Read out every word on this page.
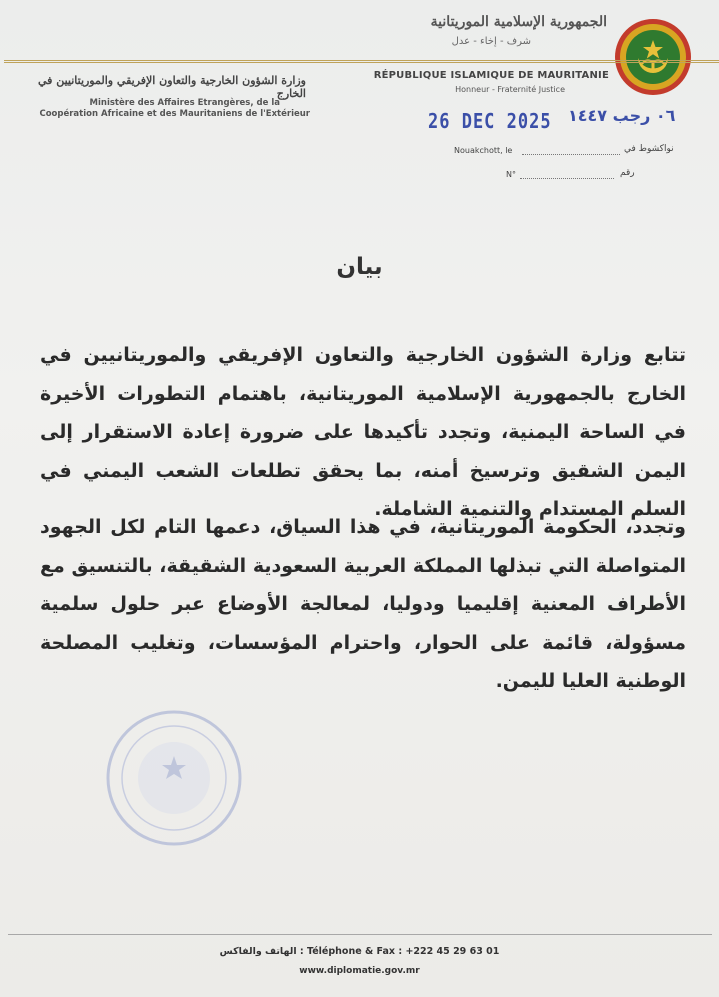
الجمهورية الإسلامية الموريتانية
شرف - إخاء - عدل
RÉPUBLIQUE ISLAMIQUE DE MAURITANIE
Honneur - Fraternité Justice
وزارة الشؤون الخارجية والتعاون الإفريقي والموريتانيين في الخارج
Ministère des Affaires Etrangères, de la
Coopération Africaine et des Mauritaniens de l'Extérieur	26 DEC 2025 ٠٦ رجب ١٤٤٧
Nouakchott, le	نواكشوط في
N°	رقم
بيان
تتابع وزارة الشؤون الخارجية والتعاون الإفريقي والموريتانيين في الخارج بالجمهورية الإسلامية الموريتانية، باهتمام التطورات الأخيرة في الساحة اليمنية، وتجدد تأكيدها على ضرورة إعادة الاستقرار إلى اليمن الشقيق وترسيخ أمنه، بما يحقق تطلعات الشعب اليمني في السلم المستدام والتنمية الشاملة.
وتجدد، الحكومة الموريتانية، في هذا السياق، دعمها التام لكل الجهود المتواصلة التي تبذلها المملكة العربية السعودية الشقيقة، بالتنسيق مع الأطراف المعنية إقليميا ودوليا، لمعالجة الأوضاع عبر حلول سلمية مسؤولة، قائمة على الحوار، واحترام المؤسسات، وتغليب المصلحة الوطنية العليا لليمن.
Téléphone & Fax : +222 45 29 63 01 : الهاتف والفاكس
www.diplomatie.gov.mr
